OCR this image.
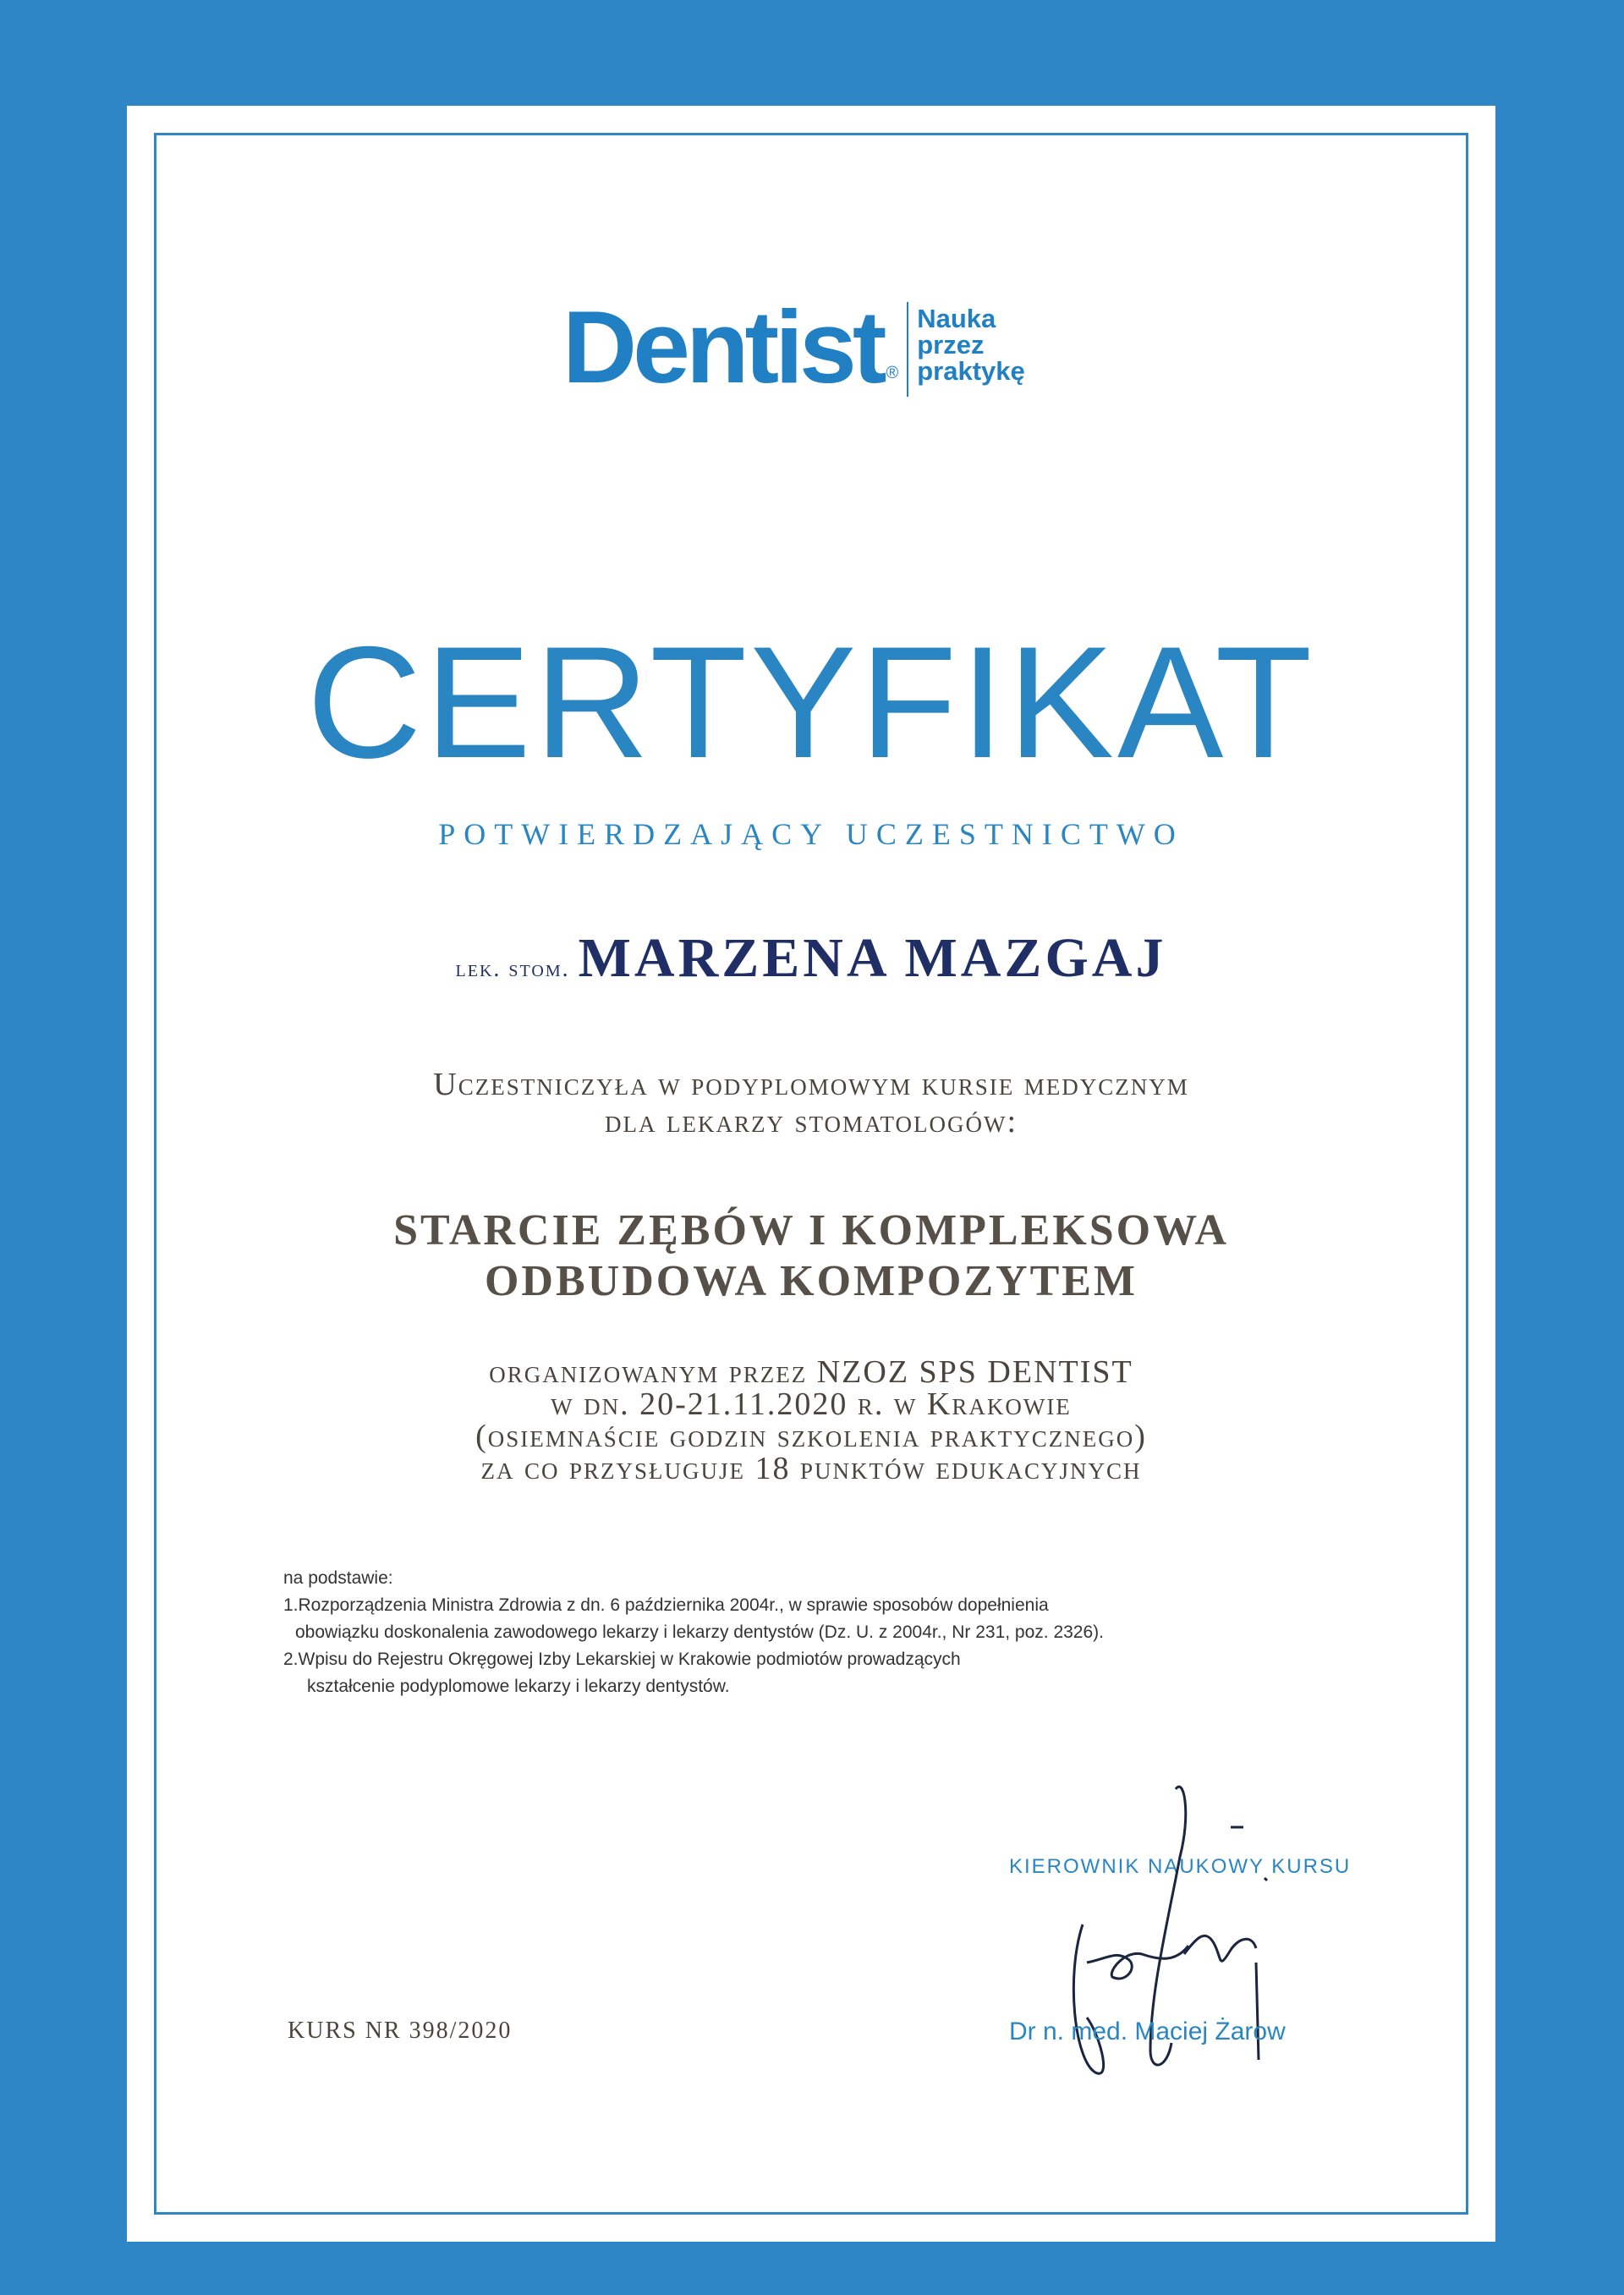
Dentist ®
Nauka
przez
praktykę
CERTYFIKAT
POTWIERDZAJĄCY UCZESTNICTWO
lek. stom. MARZENA MAZGAJ
Uczestniczyła w podyplomowym kursie medycznym
dla lekarzy stomatologów:
STARCIE ZĘBÓW I KOMPLEKSOWA
ODBUDOWA KOMPOZYTEM
organizowanym przez NZOZ SPS DENTIST
w dn. 20-21.11.2020 r. w Krakowie
(osiemnaście godzin szkolenia praktycznego)
za co przysługuje 18 punktów edukacyjnych
na podstawie:
1.Rozporządzenia Ministra Zdrowia z dn. 6 października 2004r., w sprawie sposobów dopełnienia
obowiązku doskonalenia zawodowego lekarzy i lekarzy dentystów (Dz. U. z 2004r., Nr 231, poz. 2326).
2.Wpisu do Rejestru Okręgowej Izby Lekarskiej w Krakowie podmiotów prowadzących
kształcenie podyplomowe lekarzy i lekarzy dentystów.
KURS NR 398/2020
KIEROWNIK NAUKOWY KURSU
Dr n. med. Maciej Żarow
